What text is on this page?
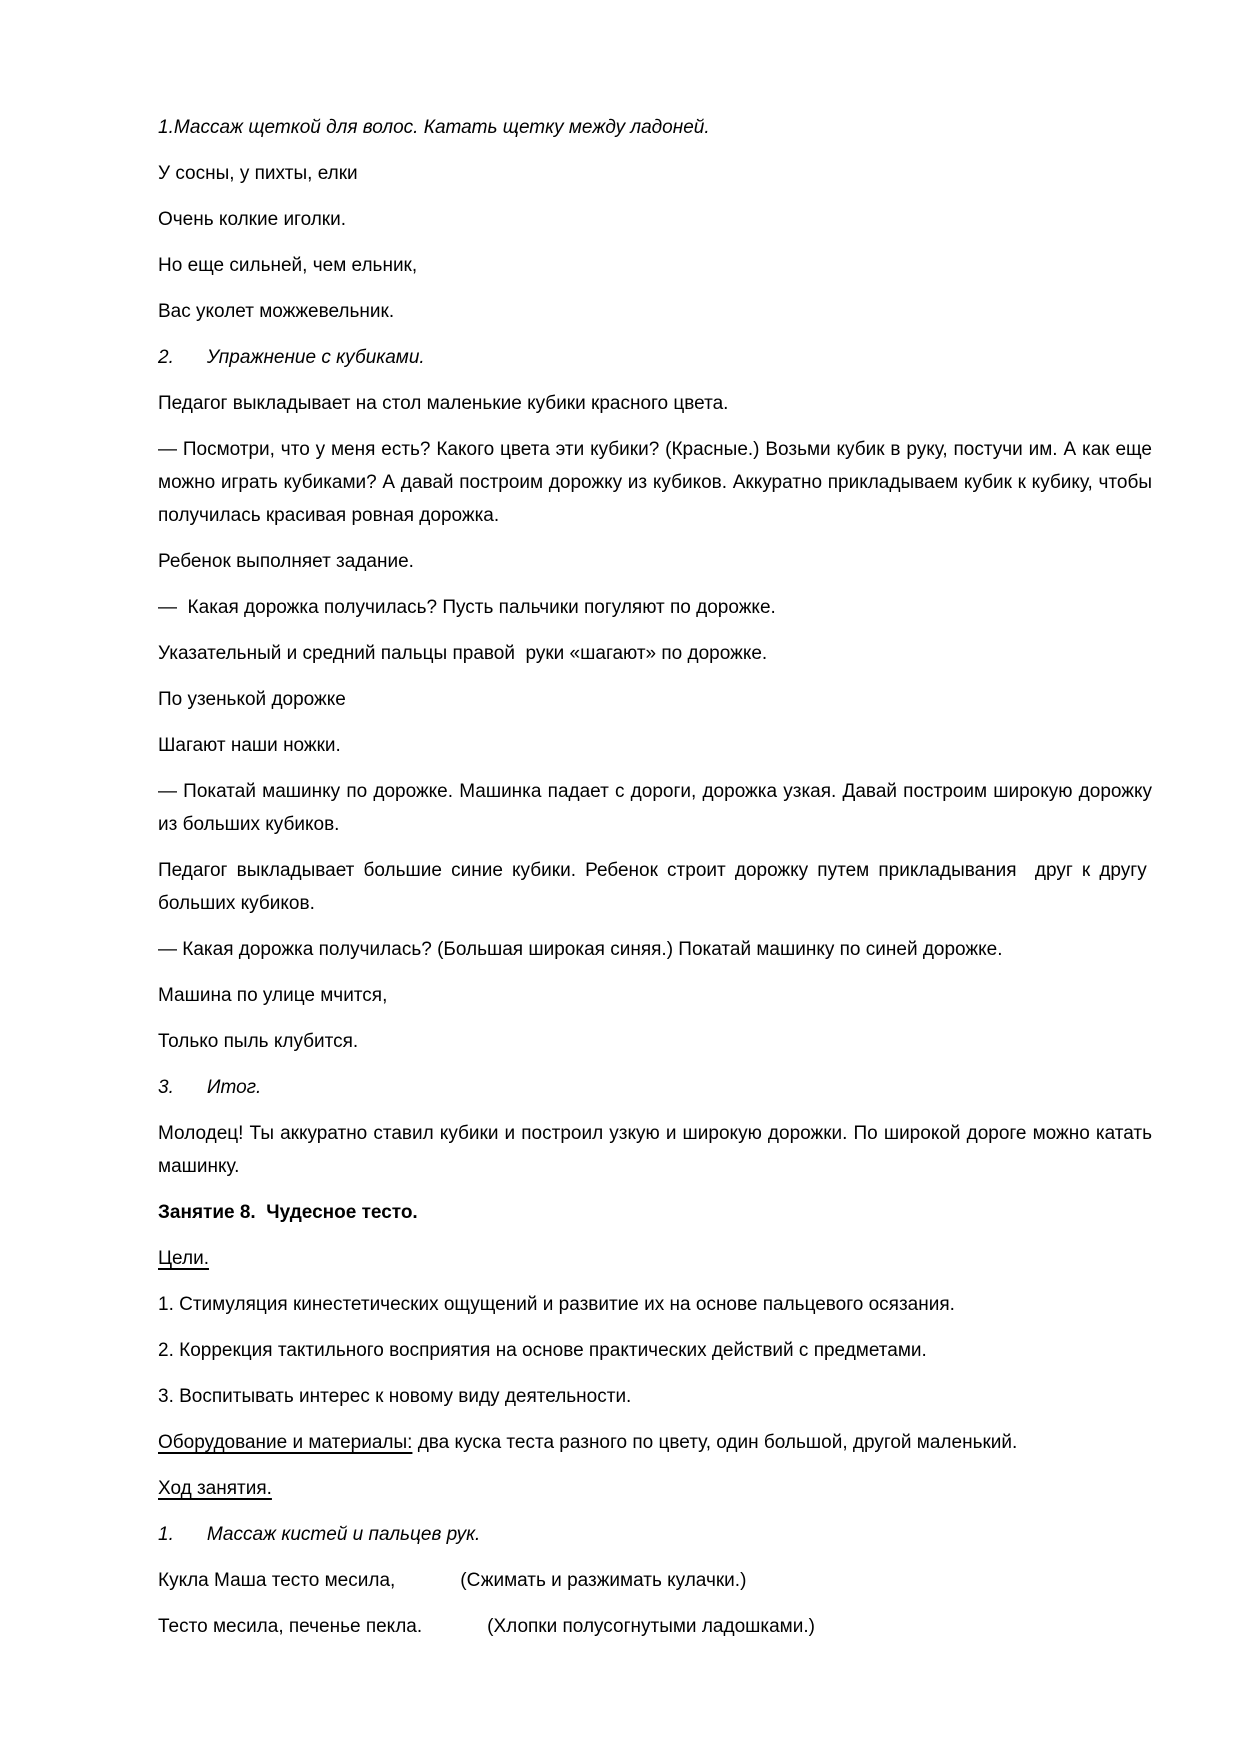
1.Массаж щеткой для волос. Катать щетку между ладоней.

У сосны, у пихты, елки

Очень колкие иголки.

Но еще сильней, чем ельник,

Вас уколет можжевельник.

2. Упражнение с кубиками.

Педагог выкладывает на стол маленькие кубики красного цвета.

— Посмотри, что у меня есть? Какого цвета эти кубики? (Красные.) Возьми кубик в руку, постучи им. А как еще можно играть кубиками? А давай построим дорожку из кубиков. Аккуратно прикладываем кубик к кубику, чтобы получилась красивая ровная дорожка.

Ребенок выполняет задание.

—  Какая дорожка получилась? Пусть пальчики погуляют по дорожке.

Указательный и средний пальцы правой  руки «шагают» по дорожке.

По узенькой дорожке

Шагают наши ножки.

— Покатай машинку по дорожке. Машинка падает с дороги, дорожка узкая. Давай построим широкую дорожку из больших кубиков.

Педагог выкладывает большие синие кубики. Ребенок строит дорожку путем прикладывания  друг к другу  больших кубиков.

— Какая дорожка получилась? (Большая широкая синяя.) Покатай машинку по синей дорожке.

Машина по улице мчится,

Только пыль клубится.

3. Итог.

Молодец! Ты аккуратно ставил кубики и построил узкую и широкую дорожки. По широкой дороге можно катать машинку.

Занятие 8.  Чудесное тесто.

Цели.

1. Стимуляция кинестетических ощущений и развитие их на основе пальцевого осязания.

2. Коррекция тактильного восприятия на основе практических действий с предметами.

3. Воспитывать интерес к новому виду деятельности.

Оборудование и материалы: два куска теста разного по цвету, один большой, другой маленький.

Ход занятия.

1. Массаж кистей и пальцев рук.

Кукла Маша тесто месила,	(Сжимать и разжимать кулачки.)

Тесто месила, печенье пекла.	(Хлопки полусогнутыми ладошками.)
